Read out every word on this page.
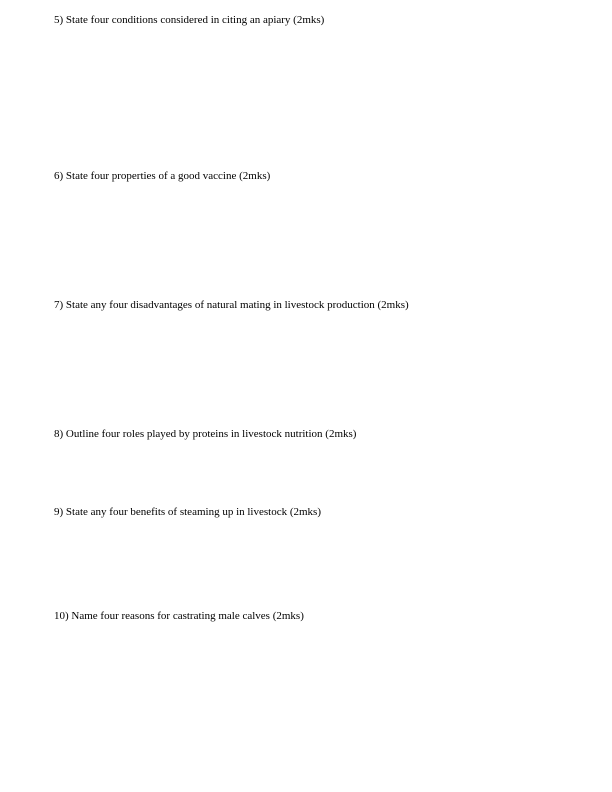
5) State four conditions considered in citing an apiary (2mks)

6) State four properties of a good vaccine (2mks)

7) State any four disadvantages of natural mating in livestock production (2mks)

8) Outline four roles played by proteins in livestock nutrition (2mks)

9) State any four benefits of steaming up in livestock (2mks)

10) Name four reasons for castrating male calves (2mks)
